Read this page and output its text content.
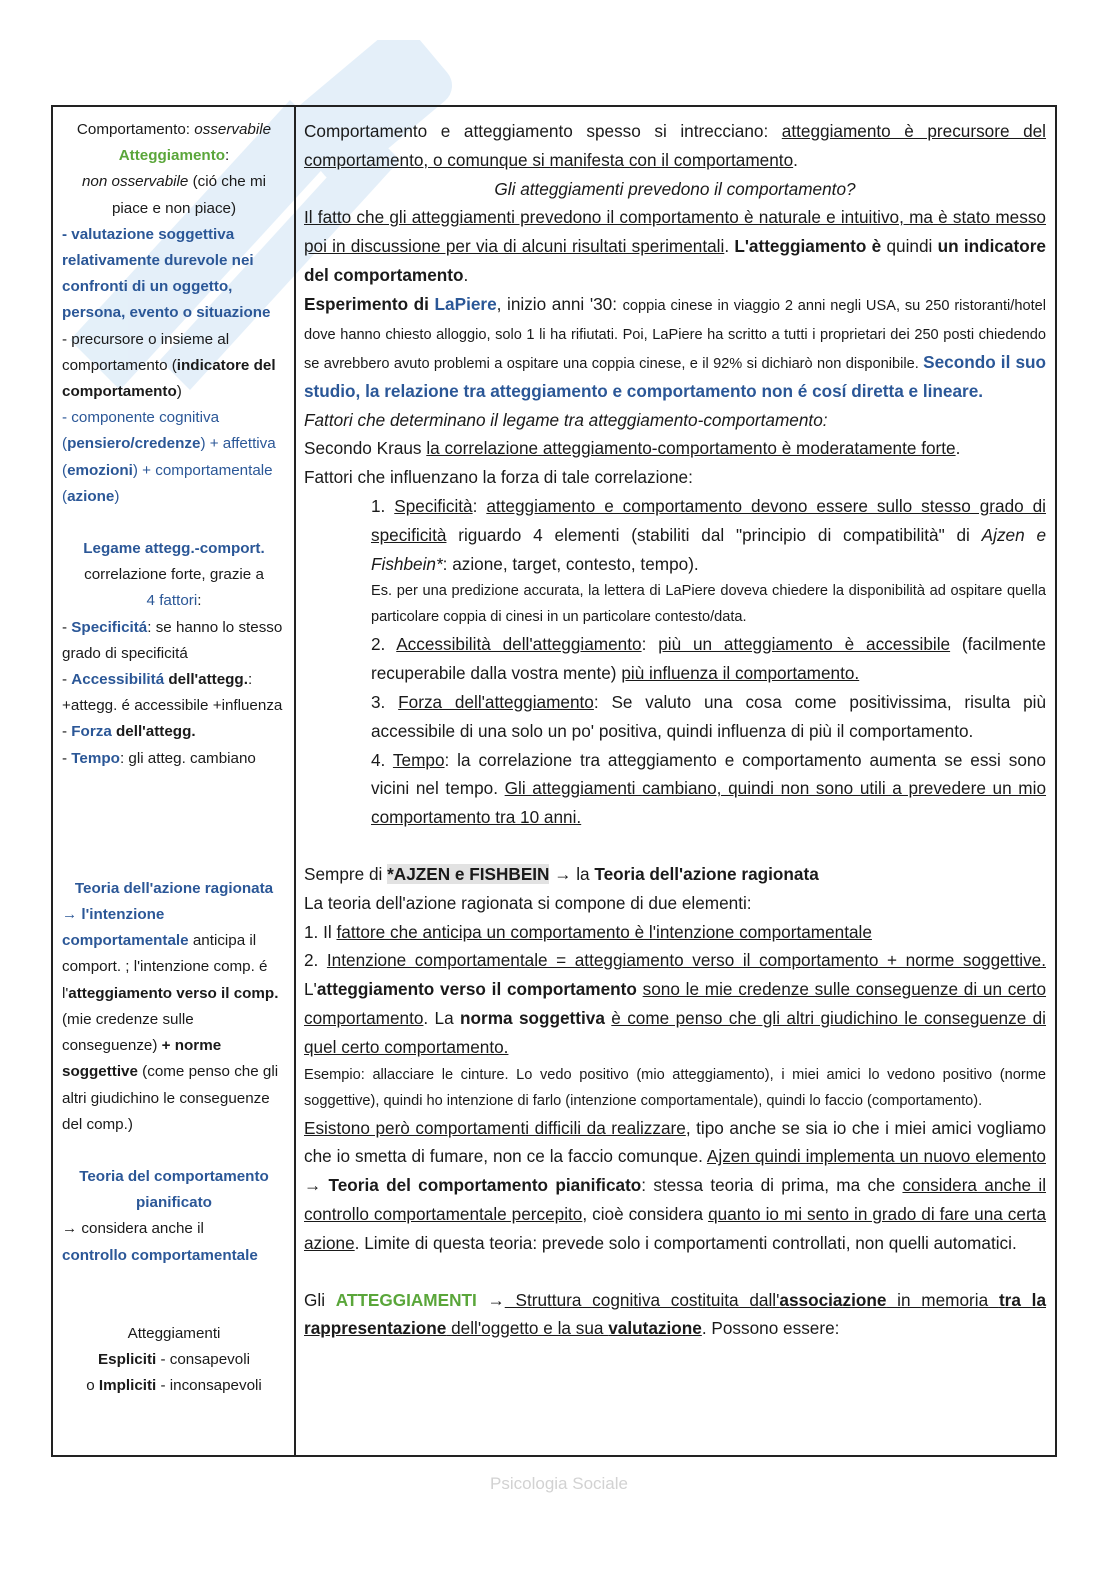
Comportamento: osservabile
Atteggiamento:
non osservabile (ció che mi
piace e non piace)
- valutazione soggettiva relativamente durevole nei confronti di un oggetto, persona, evento o situazione
- precursore o insieme al comportamento (indicatore del comportamento)
- componente cognitiva (pensiero/credenze) + affettiva (emozioni) + comportamentale (azione)
Legame attegg.-comport.
correlazione forte, grazie a
4 fattori:
- Specificitá: se hanno lo stesso grado di specificitá
- Accessibilitá dell'attegg.: +attegg. é accessibile +influenza
- Forza dell'attegg.
- Tempo: gli atteg. cambiano
Teoria dell'azione ragionata
→ l'intenzione comportamentale anticipa il comport. ; l'intenzione comp. é l'atteggiamento verso il comp. (mie credenze sulle conseguenze) + norme soggettive (come penso che gli altri giudichino le conseguenze del comp.)
Teoria del comportamento pianificato
→ considera anche il
controllo comportamentale
Atteggiamenti
Espliciti - consapevoli
o Impliciti - inconsapevoli

Comportamento e atteggiamento spesso si intrecciano: atteggiamento è precursore del comportamento, o comunque si manifesta con il comportamento.

Gli atteggiamenti prevedono il comportamento?

Il fatto che gli atteggiamenti prevedono il comportamento è naturale e intuitivo, ma è stato messo poi in discussione per via di alcuni risultati sperimentali. L'atteggiamento è quindi un indicatore del comportamento.

Esperimento di LaPiere, inizio anni '30: coppia cinese in viaggio 2 anni negli USA, su 250 ristoranti/hotel dove hanno chiesto alloggio, solo 1 li ha rifiutati. Poi, LaPiere ha scritto a tutti i proprietari dei 250 posti chiedendo se avrebbero avuto problemi a ospitare una coppia cinese, e il 92% si dichiarò non disponibile. Secondo il suo studio, la relazione tra atteggiamento e comportamento non é cosí diretta e lineare.

Fattori che determinano il legame tra atteggiamento-comportamento:

Secondo Kraus la correlazione atteggiamento-comportamento è moderatamente forte.

Fattori che influenzano la forza di tale correlazione:

1. Specificità: atteggiamento e comportamento devono essere sullo stesso grado di specificità riguardo 4 elementi (stabiliti dal "principio di compatibilità" di Ajzen e Fishbein*: azione, target, contesto, tempo).

Es. per una predizione accurata, la lettera di LaPiere doveva chiedere la disponibilità ad ospitare quella particolare coppia di cinesi in un particolare contesto/data.

2. Accessibilità dell'atteggiamento: più un atteggiamento è accessibile (facilmente recuperabile dalla vostra mente) più influenza il comportamento.

3. Forza dell'atteggiamento: Se valuto una cosa come positivissima, risulta più accessibile di una solo un po' positiva, quindi influenza di più il comportamento.

4. Tempo: la correlazione tra atteggiamento e comportamento aumenta se essi sono vicini nel tempo. Gli atteggiamenti cambiano, quindi non sono utili a prevedere un mio comportamento tra 10 anni.

Sempre di *AJZEN e FISHBEIN → la Teoria dell'azione ragionata

La teoria dell'azione ragionata si compone di due elementi:

1. Il fattore che anticipa un comportamento è l'intenzione comportamentale

2. Intenzione comportamentale = atteggiamento verso il comportamento + norme soggettive. L'atteggiamento verso il comportamento sono le mie credenze sulle conseguenze di un certo comportamento. La norma soggettiva è come penso che gli altri giudichino le conseguenze di quel certo comportamento.

Esempio: allacciare le cinture. Lo vedo positivo (mio atteggiamento), i miei amici lo vedono positivo (norme soggettive), quindi ho intenzione di farlo (intenzione comportamentale), quindi lo faccio (comportamento).

Esistono però comportamenti difficili da realizzare, tipo anche se sia io che i miei amici vogliamo che io smetta di fumare, non ce la faccio comunque. Ajzen quindi implementa un nuovo elemento → Teoria del comportamento pianificato: stessa teoria di prima, ma che considera anche il controllo comportamentale percepito, cioè considera quanto io mi sento in grado di fare una certa azione. Limite di questa teoria: prevede solo i comportamenti controllati, non quelli automatici.

Gli ATTEGGIAMENTI → Struttura cognitiva costituita dall'associazione in memoria tra la rappresentazione dell'oggetto e la sua valutazione. Possono essere:

Psicologia Sociale
